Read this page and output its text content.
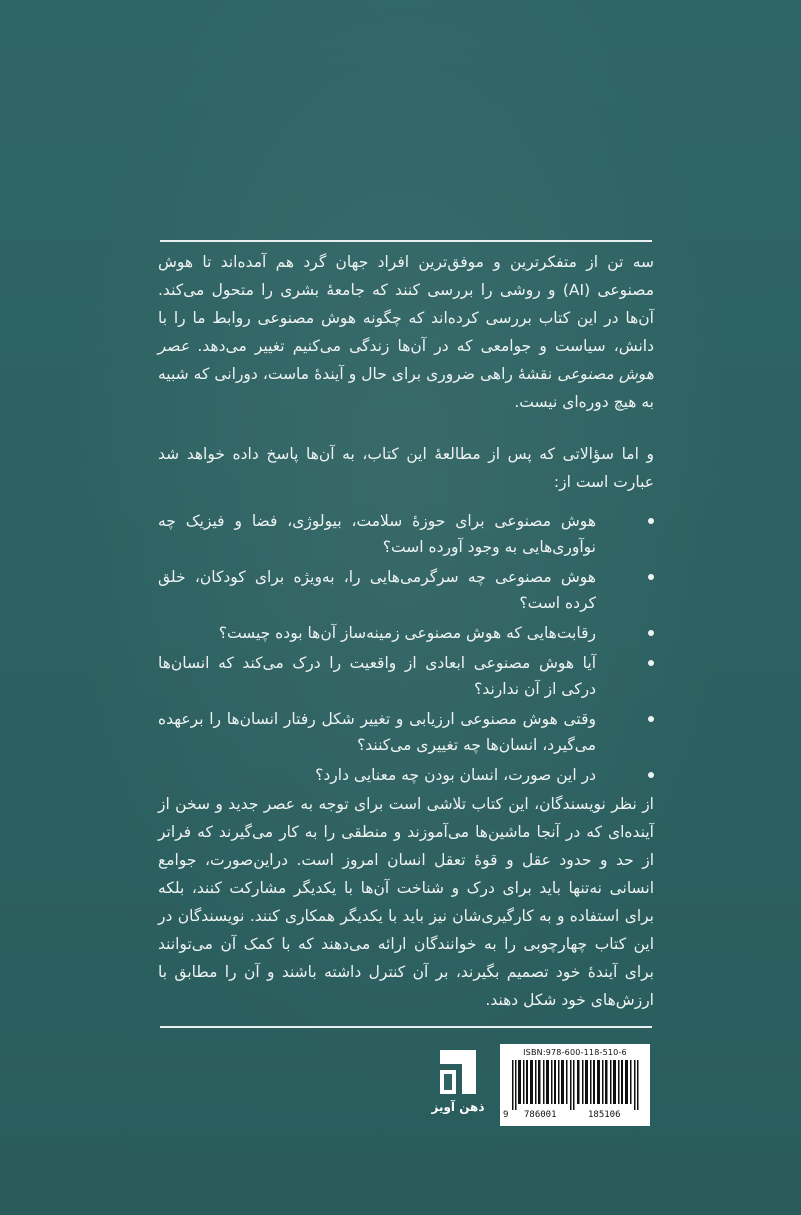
سه تن از متفکرترین و موفق‌ترین افراد جهان گرد هم آمده‌اند تا هوش مصنوعی (AI) و روشی را بررسی کنند که جامعهٔ بشری را متحول می‌کند. آن‌ها در این کتاب بررسی کرده‌اند که چگونه هوش مصنوعی روابط ما را با دانش، سیاست و جوامعی که در آن‌ها زندگی می‌کنیم تغییر می‌دهد. عصر هوش مصنوعی نقشهٔ راهی ضروری برای حال و آیندهٔ ماست، دورانی که شبیه به هیچ دوره‌ای نیست.
و اما سؤالاتی که پس از مطالعهٔ این کتاب، به آن‌ها پاسخ داده خواهد شد عبارت است از:
هوش مصنوعی برای حوزهٔ سلامت، بیولوژی، فضا و فیزیک چه نوآوری‌هایی به وجود آورده است؟
هوش مصنوعی چه سرگرمی‌هایی را، به‌ویژه برای کودکان، خلق کرده است؟
رقابت‌هایی که هوش مصنوعی زمینه‌ساز آن‌ها بوده چیست؟
آیا هوش مصنوعی ابعادی از واقعیت را درک می‌کند که انسان‌ها درکی از آن ندارند؟
وقتی هوش مصنوعی ارزیابی و تغییر شکل رفتار انسان‌ها را برعهده می‌گیرد، انسان‌ها چه تغییری می‌کنند؟
در این صورت، انسان بودن چه معنایی دارد؟
از نظر نویسندگان، این کتاب تلاشی است برای توجه به عصر جدید و سخن از آینده‌ای که در آنجا ماشین‌ها می‌آموزند و منطقی را به کار می‌گیرند که فراتر از حد و حدود عقل و قوهٔ تعقل انسان امروز است. دراین‌صورت، جوامع انسانی نه‌تنها باید برای درک و شناخت آن‌ها با یکدیگر مشارکت کنند، بلکه برای استفاده و به کارگیری‌شان نیز باید با یکدیگر همکاری کنند. نویسندگان در این کتاب چهارچوبی را به خوانندگان ارائه می‌دهند که با کمک آن می‌توانند برای آیندهٔ خود تصمیم بگیرند، بر آن کنترل داشته باشند و آن را مطابق با ارزش‌های خود شکل دهند.
ذهن آویز
ISBN:978-600-118-510-6
9 786001	185106
